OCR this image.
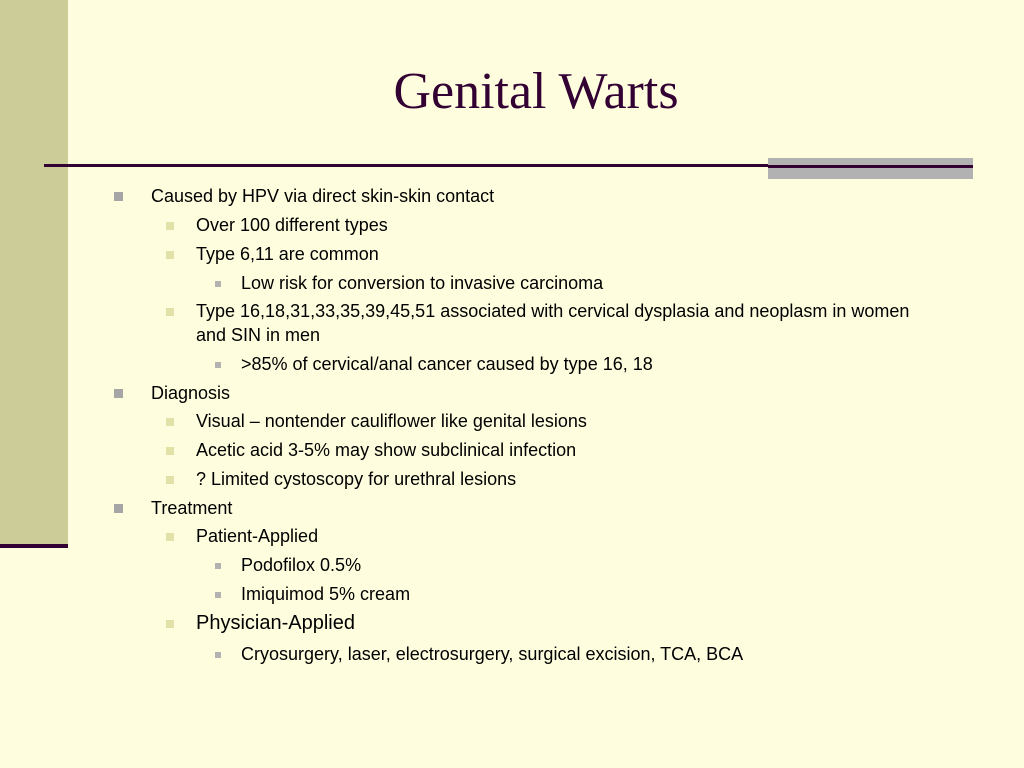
Genital Warts
Caused by HPV via direct skin-skin contact
Over 100 different types
Type 6,11 are common
Low risk for conversion to invasive carcinoma
Type 16,18,31,33,35,39,45,51 associated with cervical dysplasia and neoplasm in women and SIN in men
>85% of cervical/anal cancer caused by type 16, 18
Diagnosis
Visual – nontender cauliflower like genital lesions
Acetic acid 3-5% may show subclinical infection
? Limited cystoscopy for urethral lesions
Treatment
Patient-Applied
Podofilox 0.5%
Imiquimod 5% cream
Physician-Applied
Cryosurgery, laser, electrosurgery, surgical excision, TCA, BCA
